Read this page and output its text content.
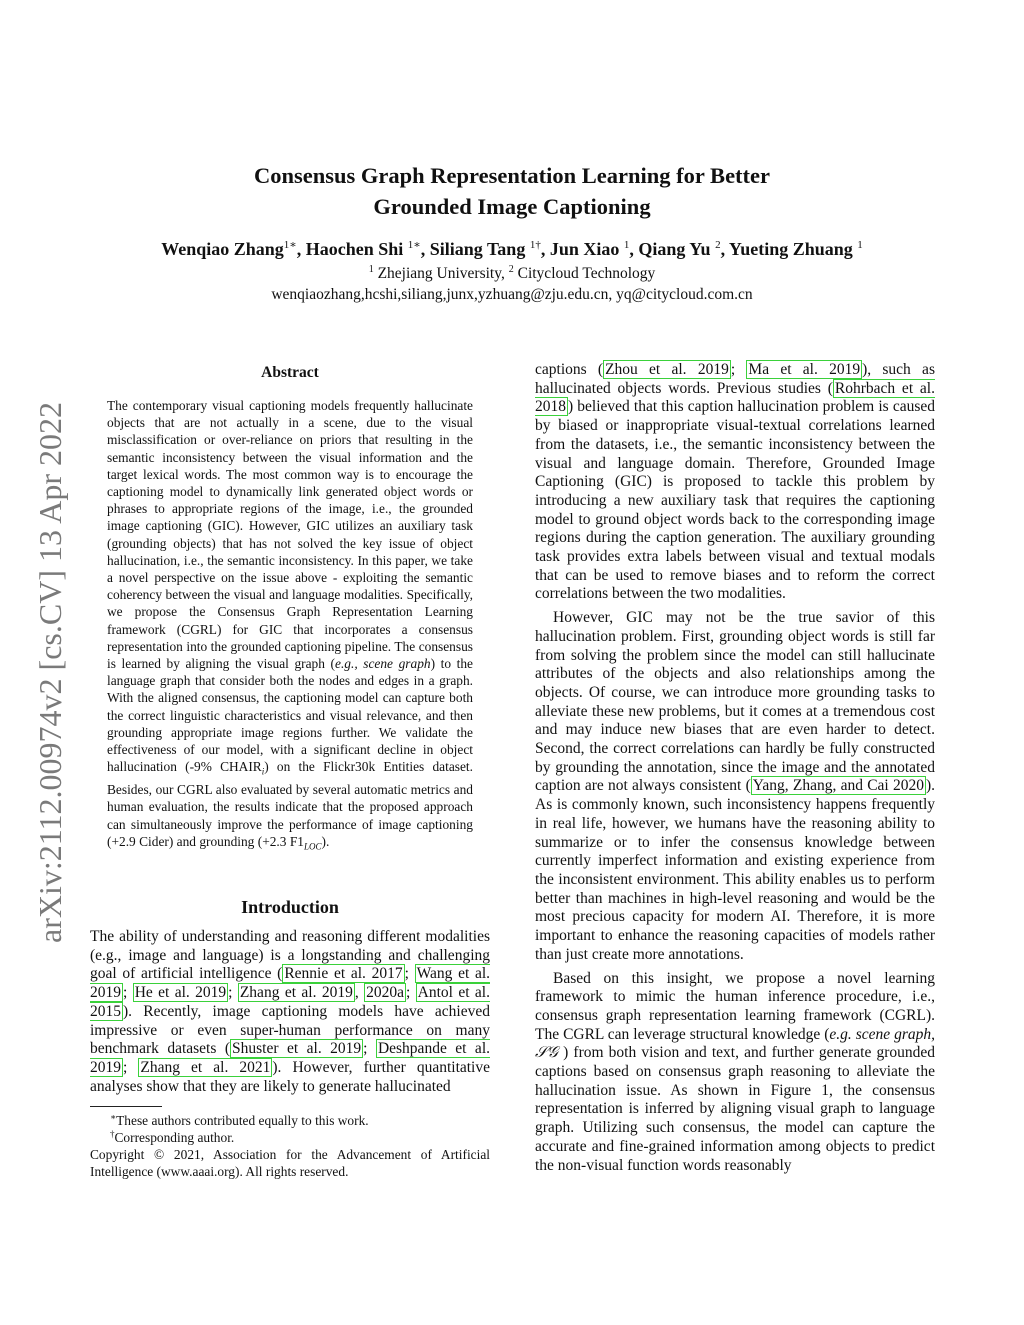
Consensus Graph Representation Learning for Better
Grounded Image Captioning
Wenqiao Zhang$^{1∗}$, Haochen Shi $^{1∗}$, Siliang Tang $^{1\dagger}$, Jun Xiao $^1$, Qiang Yu $^2$, Yueting Zhuang $^1$
$^1$ Zhejiang University, $^2$ Citycloud Technology
wenqiaozhang,hcshi,siliang,junx,yzhuang@zju.edu.cn, yq@citycloud.com.cn
arXiv:2112.00974v2 [cs.CV] 13 Apr 2022
Abstract
The contemporary visual captioning models frequently hallucinate objects that are not actually in a scene, due to the visual misclassification or over-reliance on priors that resulting in the semantic inconsistency between the visual information and the target lexical words. The most common way is to encourage the captioning model to dynamically link generated object words or phrases to appropriate regions of the image, i.e., the grounded image captioning (GIC). However, GIC utilizes an auxiliary task (grounding objects) that has not solved the key issue of object hallucination, i.e., the semantic inconsistency. In this paper, we take a novel perspective on the issue above - exploiting the semantic coherency between the visual and language modalities. Specifically, we propose the Consensus Graph Representation Learning framework (CGRL) for GIC that incorporates a consensus representation into the grounded captioning pipeline. The consensus is learned by aligning the visual graph (e.g., scene graph) to the language graph that consider both the nodes and edges in a graph. With the aligned consensus, the captioning model can capture both the correct linguistic characteristics and visual relevance, and then grounding appropriate image regions further. We validate the effectiveness of our model, with a significant decline in object hallucination (-9% $CHAIR_i$) on the Flickr30k Entities dataset. Besides, our CGRL also evaluated by several automatic metrics and human evaluation, the results indicate that the proposed approach can simultaneously improve the performance of image captioning (+2.9 Cider) and grounding (+2.3 $F1_{LOC}$).
Introduction

The ability of understanding and reasoning different modalities (e.g., image and language) is a longstanding and challenging goal of artificial intelligence ( Rennie et al. 2017 ; Wang et al. 2019 ; He et al. 2019 ; Zhang et al. 2019 , 2020a ; Antol et al. 2015 ). Recently, image captioning models have achieved impressive or even super-human performance on many benchmark datasets ( Shuster et al. 2019 ; Deshpande et al. 2019 ; Zhang et al. 2021 ). However, further quantitative analyses show that they are likely to generate hallucinated

∗These authors contributed equally to this work.
†Corresponding author.
Copyright © 2021, Association for the Advancement of Artificial Intelligence (www.aaai.org). All rights reserved.

captions ( Zhou et al. 2019 ; Ma et al. 2019 ), such as hallucinated objects words. Previous studies ( Rohrbach et al. 2018 ) believed that this caption hallucination problem is caused by biased or inappropriate visual-textual correlations learned from the datasets, i.e., the semantic inconsistency between the visual and language domain. Therefore, Grounded Image Captioning (GIC) is proposed to tackle this problem by introducing a new auxiliary task that requires the captioning model to ground object words back to the corresponding image regions during the caption generation. The auxiliary grounding task provides extra labels between visual and textual modals that can be used to remove biases and to reform the correct correlations between the two modalities.

However, GIC may not be the true savior of this hallucination problem. First, grounding object words is still far from solving the problem since the model can still hallucinate attributes of the objects and also relationships among the objects. Of course, we can introduce more grounding tasks to alleviate these new problems, but it comes at a tremendous cost and may induce new biases that are even harder to detect. Second, the correct correlations can hardly be fully constructed by grounding the annotation, since the image and the annotated caption are not always consistent ( Yang, Zhang, and Cai 2020 ). As is commonly known, such inconsistency happens frequently in real life, however, we humans have the reasoning ability to summarize or to infer the consensus knowledge between currently imperfect information and existing experience from the inconsistent environment. This ability enables us to perform better than machines in high-level reasoning and would be the most precious capacity for modern AI. Therefore, it is more important to enhance the reasoning capacities of models rather than just create more annotations.

Based on this insight, we propose a novel learning framework to mimic the human inference procedure, i.e., consensus graph representation learning framework (CGRL). The CGRL can leverage structural knowledge (e.g. scene graph, 𝒮𝒢 ) from both vision and text, and further generate grounded captions based on consensus graph reasoning to alleviate the hallucination issue. As shown in Figure 1, the consensus representation is inferred by aligning visual graph to language graph. Utilizing such consensus, the model can capture the accurate and fine-grained information among objects to predict the non-visual function words reasonably
